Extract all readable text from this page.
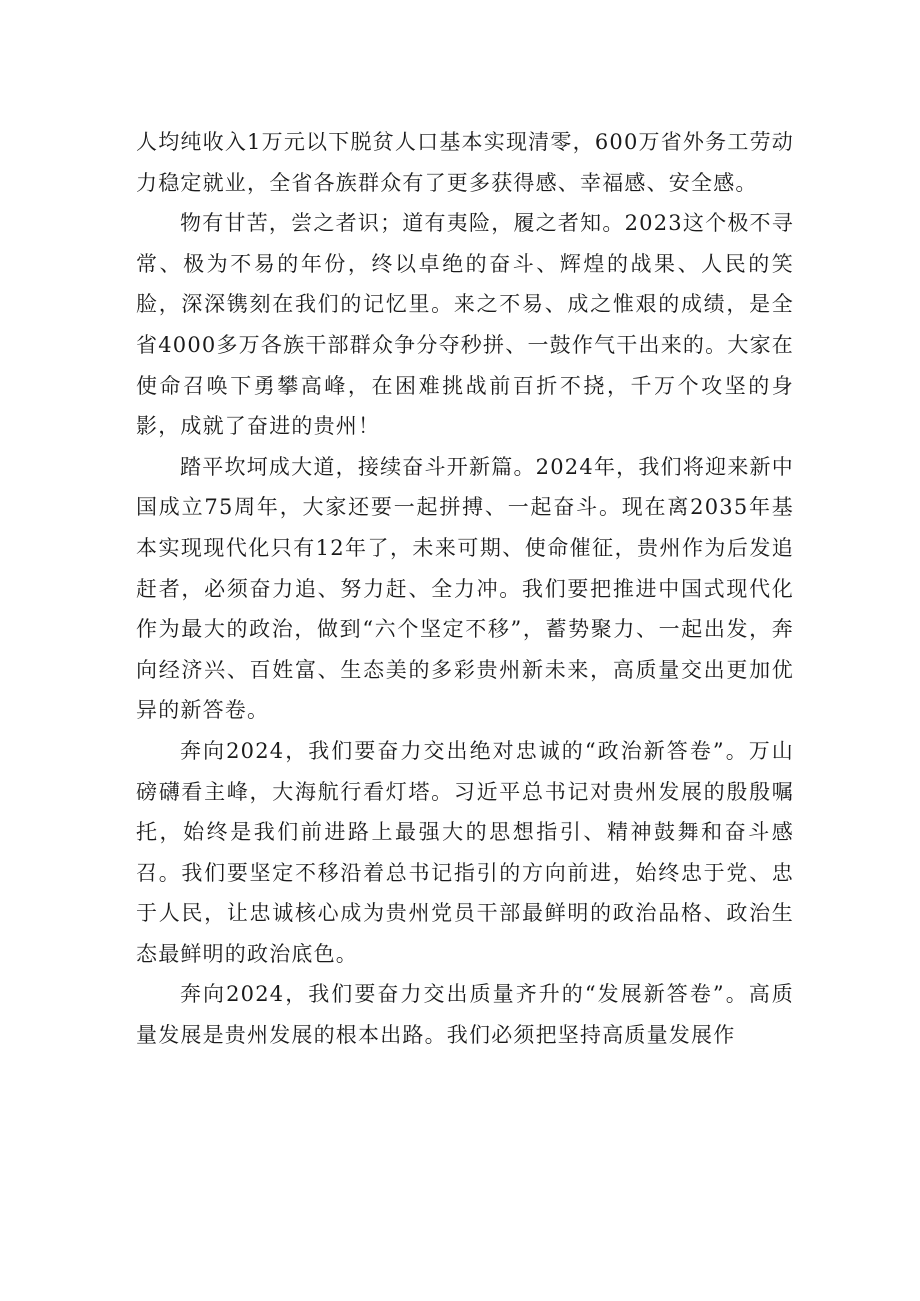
人均纯收入1万元以下脱贫人口基本实现清零，600万省外务工劳动力稳定就业，全省各族群众有了更多获得感、幸福感、安全感。

物有甘苦，尝之者识；道有夷险，履之者知。2023这个极不寻常、极为不易的年份，终以卓绝的奋斗、辉煌的战果、人民的笑脸，深深镌刻在我们的记忆里。来之不易、成之惟艰的成绩，是全省4000多万各族干部群众争分夺秒拼、一鼓作气干出来的。大家在使命召唤下勇攀高峰，在困难挑战前百折不挠，千万个攻坚的身影，成就了奋进的贵州！

踏平坎坷成大道，接续奋斗开新篇。2024年，我们将迎来新中国成立75周年，大家还要一起拼搏、一起奋斗。现在离2035年基本实现现代化只有12年了，未来可期、使命催征，贵州作为后发追赶者，必须奋力追、努力赶、全力冲。我们要把推进中国式现代化作为最大的政治，做到“六个坚定不移”，蓄势聚力、一起出发，奔向经济兴、百姓富、生态美的多彩贵州新未来，高质量交出更加优异的新答卷。

奔向2024，我们要奋力交出绝对忠诚的“政治新答卷”。万山磅礴看主峰，大海航行看灯塔。习近平总书记对贵州发展的殷殷嘱托，始终是我们前进路上最强大的思想指引、精神鼓舞和奋斗感召。我们要坚定不移沿着总书记指引的方向前进，始终忠于党、忠于人民，让忠诚核心成为贵州党员干部最鲜明的政治品格、政治生态最鲜明的政治底色。

奔向2024，我们要奋力交出质量齐升的“发展新答卷”。高质量发展是贵州发展的根本出路。我们必须把坚持高质量发展作
